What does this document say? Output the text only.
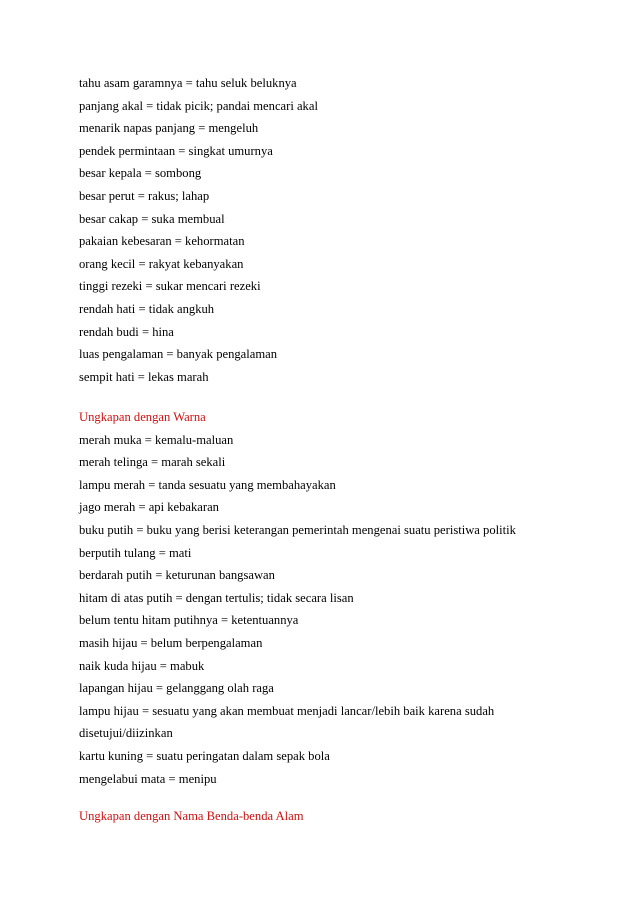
tahu asam garamnya = tahu seluk beluknya
panjang akal = tidak picik; pandai mencari akal
menarik napas panjang = mengeluh
pendek permintaan = singkat umurnya
besar kepala = sombong
besar perut = rakus; lahap
besar cakap = suka membual
pakaian kebesaran = kehormatan
orang kecil = rakyat kebanyakan
tinggi rezeki = sukar mencari rezeki
rendah hati = tidak angkuh
rendah budi = hina
luas pengalaman = banyak pengalaman
sempit hati = lekas marah
Ungkapan dengan Warna
merah muka = kemalu-maluan
merah telinga = marah sekali
lampu merah = tanda sesuatu yang membahayakan
jago merah = api kebakaran
buku putih = buku yang berisi keterangan pemerintah mengenai suatu peristiwa politik
berputih tulang = mati
berdarah putih = keturunan bangsawan
hitam di atas putih = dengan tertulis; tidak secara lisan
belum tentu hitam putihnya = ketentuannya
masih hijau = belum berpengalaman
naik kuda hijau = mabuk
lapangan hijau = gelanggang olah raga
lampu hijau = sesuatu yang akan membuat menjadi lancar/lebih baik karena sudah
disetujui/diizinkan
kartu kuning = suatu peringatan dalam sepak bola
mengelabui mata = menipu
Ungkapan dengan Nama Benda-benda Alam
